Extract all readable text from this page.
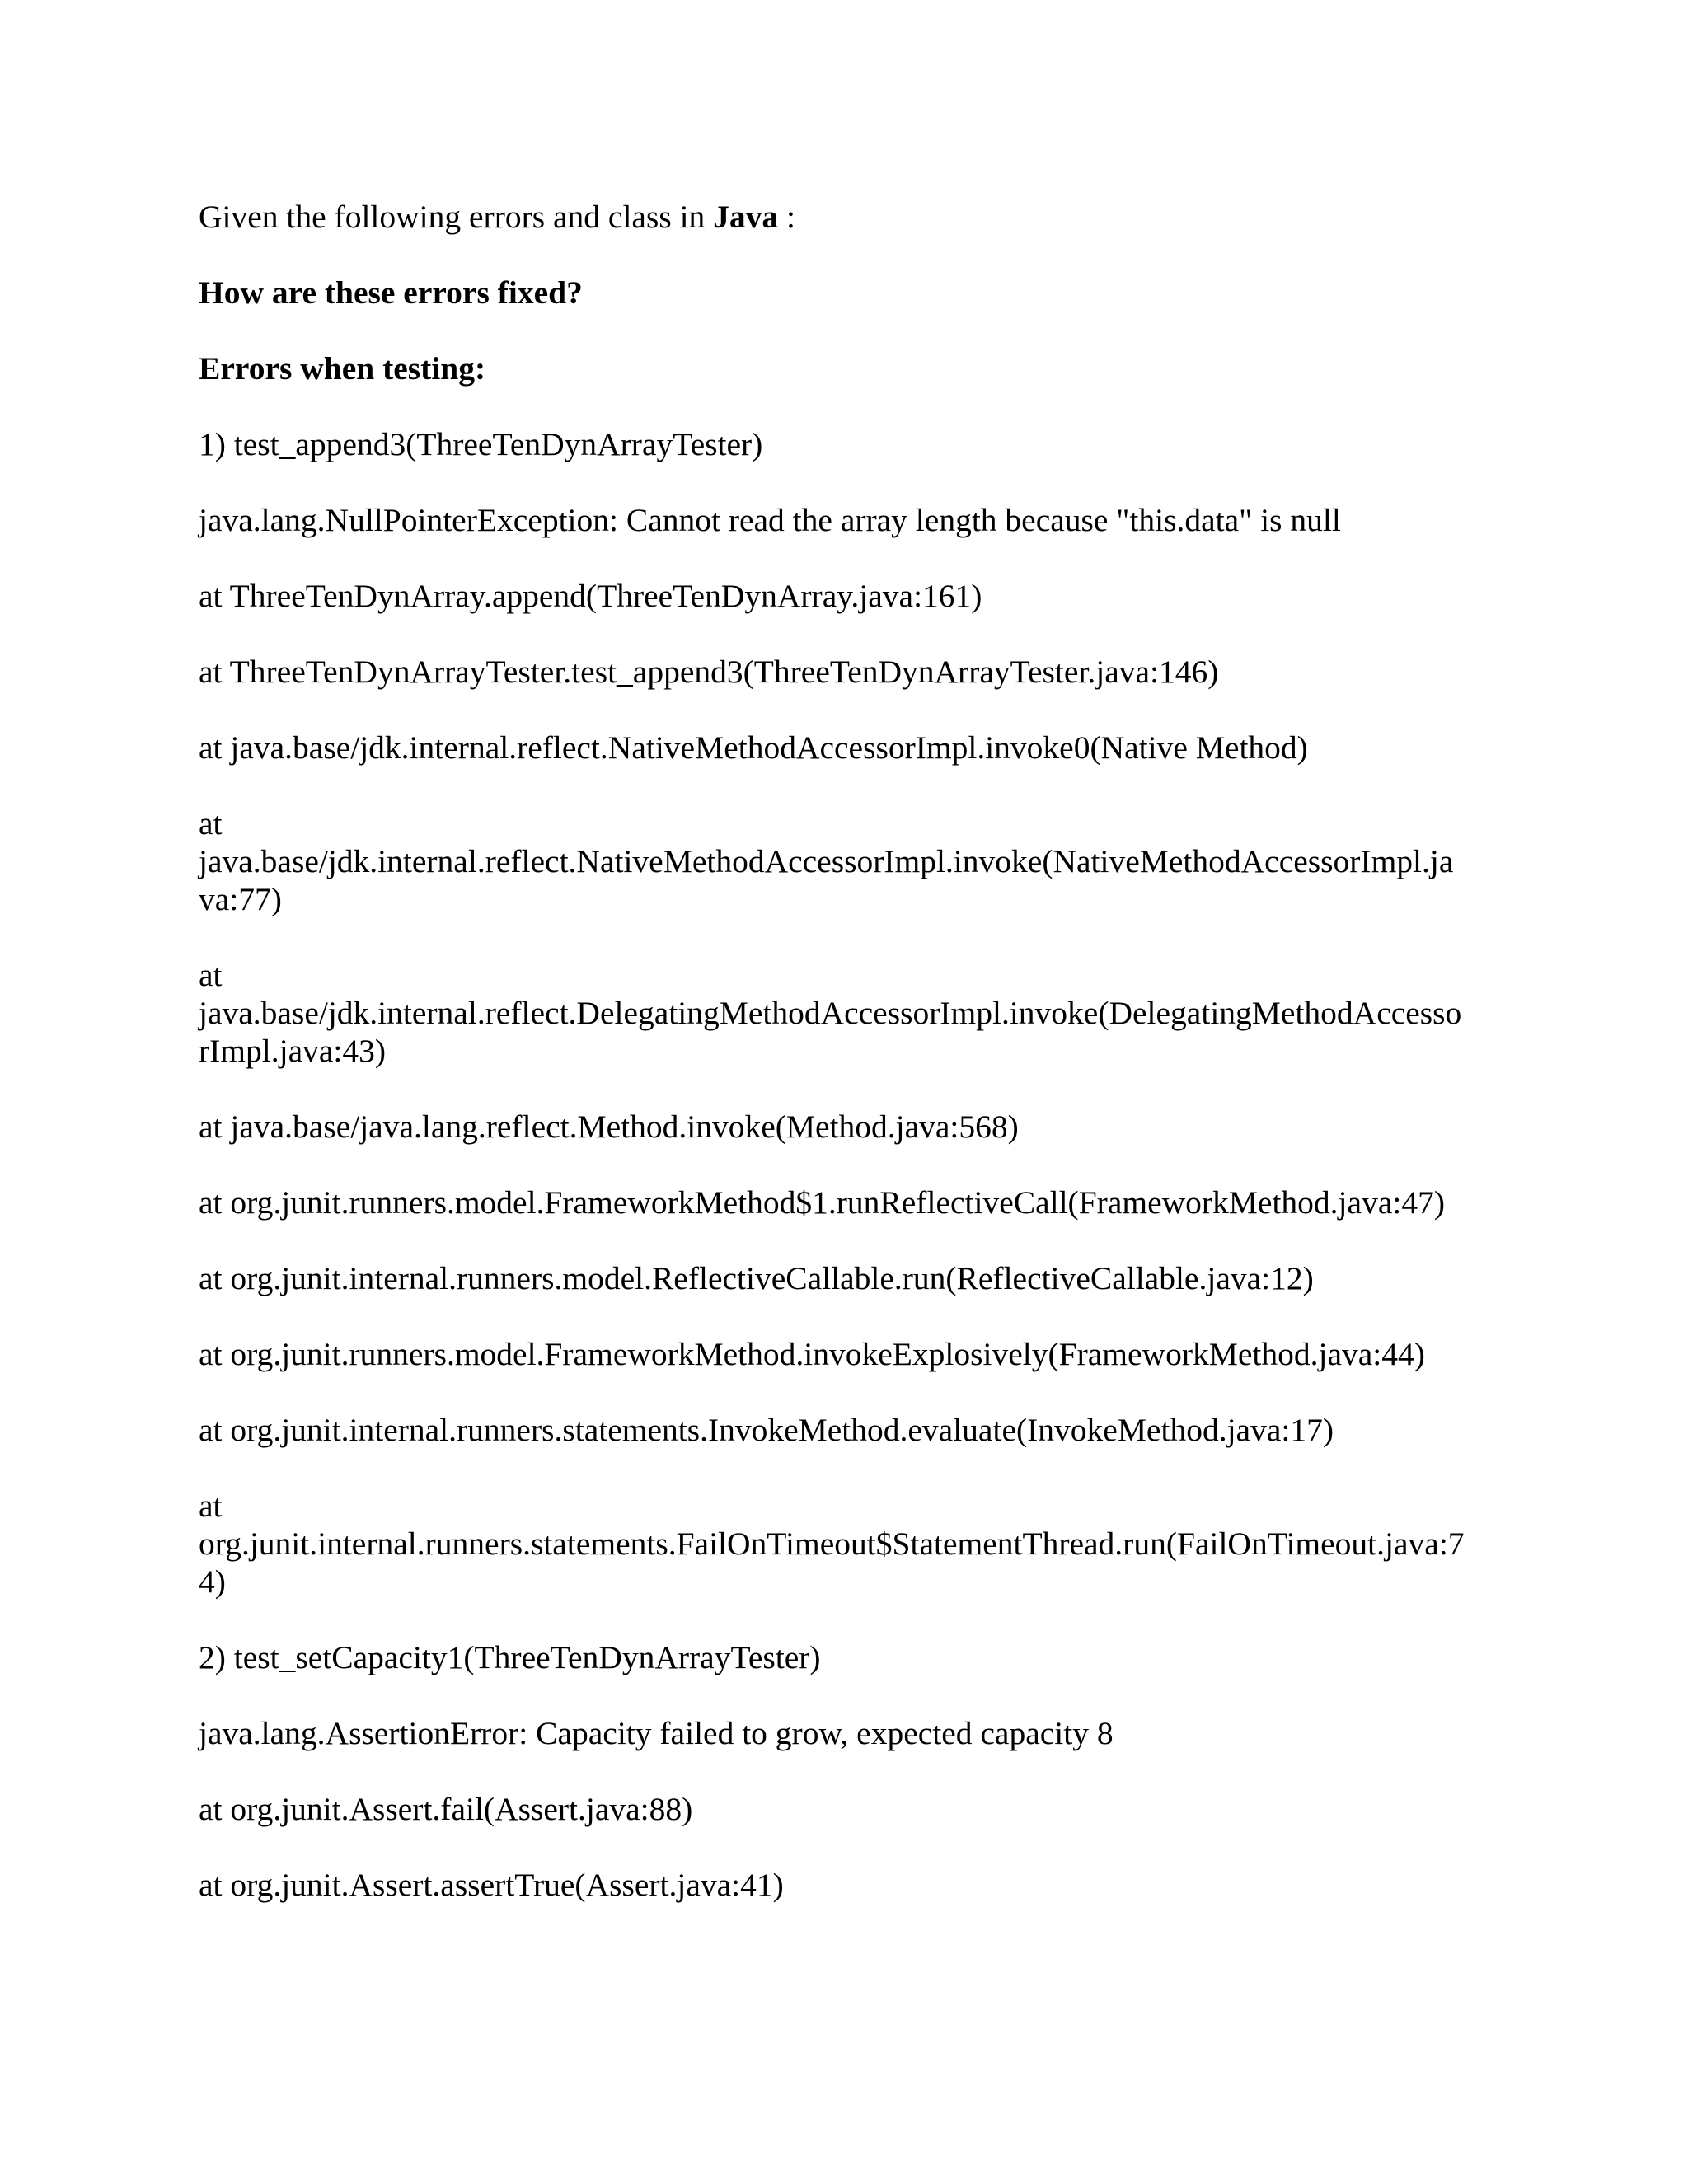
Given the following errors and class in Java :

How are these errors fixed?

Errors when testing:

1) test_append3(ThreeTenDynArrayTester)

java.lang.NullPointerException: Cannot read the array length because "this.data" is null

at ThreeTenDynArray.append(ThreeTenDynArray.java:161)

at ThreeTenDynArrayTester.test_append3(ThreeTenDynArrayTester.java:146)

at java.base/jdk.internal.reflect.NativeMethodAccessorImpl.invoke0(Native Method)

at
java.base/jdk.internal.reflect.NativeMethodAccessorImpl.invoke(NativeMethodAccessorImpl.ja
va:77)

at
java.base/jdk.internal.reflect.DelegatingMethodAccessorImpl.invoke(DelegatingMethodAccesso
rImpl.java:43)

at java.base/java.lang.reflect.Method.invoke(Method.java:568)

at org.junit.runners.model.FrameworkMethod$1.runReflectiveCall(FrameworkMethod.java:47)

at org.junit.internal.runners.model.ReflectiveCallable.run(ReflectiveCallable.java:12)

at org.junit.runners.model.FrameworkMethod.invokeExplosively(FrameworkMethod.java:44)

at org.junit.internal.runners.statements.InvokeMethod.evaluate(InvokeMethod.java:17)

at
org.junit.internal.runners.statements.FailOnTimeout$StatementThread.run(FailOnTimeout.java:7
4)

2) test_setCapacity1(ThreeTenDynArrayTester)

java.lang.AssertionError: Capacity failed to grow, expected capacity 8

at org.junit.Assert.fail(Assert.java:88)

at org.junit.Assert.assertTrue(Assert.java:41)
